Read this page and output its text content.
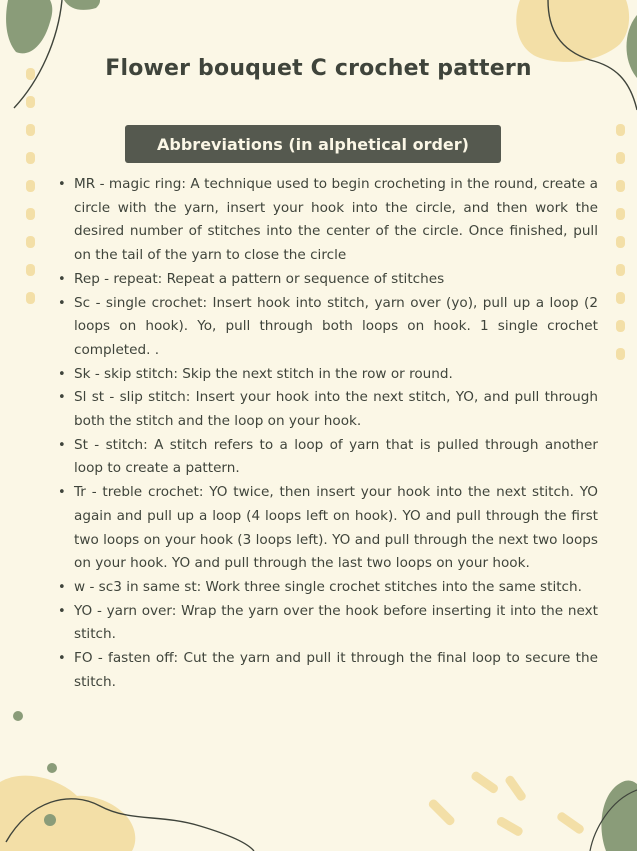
Flower bouquet C crochet pattern
Abbreviations (in alphetical order)
• MR - magic ring: A technique used to begin crocheting in the round, create a circle with the yarn, insert your hook into the circle, and then work the desired number of stitches into the center of the circle. Once finished, pull on the tail of the yarn to close the circle
• Rep - repeat: Repeat a pattern or sequence of stitches
• Sc - single crochet: Insert hook into stitch, yarn over (yo), pull up a loop (2 loops on hook). Yo, pull through both loops on hook. 1 single crochet completed. .
• Sk - skip stitch: Skip the next stitch in the row or round.
• Sl st - slip stitch: Insert your hook into the next stitch, YO, and pull through both the stitch and the loop on your hook.
• St - stitch: A stitch refers to a loop of yarn that is pulled through another loop to create a pattern.
• Tr - treble crochet: YO twice, then insert your hook into the next stitch. YO again and pull up a loop (4 loops left on hook). YO and pull through the first two loops on your hook (3 loops left). YO and pull through the next two loops on your hook. YO and pull through the last two loops on your hook.
• w - sc3 in same st: Work three single crochet stitches into the same stitch.
• YO - yarn over: Wrap the yarn over the hook before inserting it into the next stitch.
• FO - fasten off: Cut the yarn and pull it through the final loop to secure the stitch.
